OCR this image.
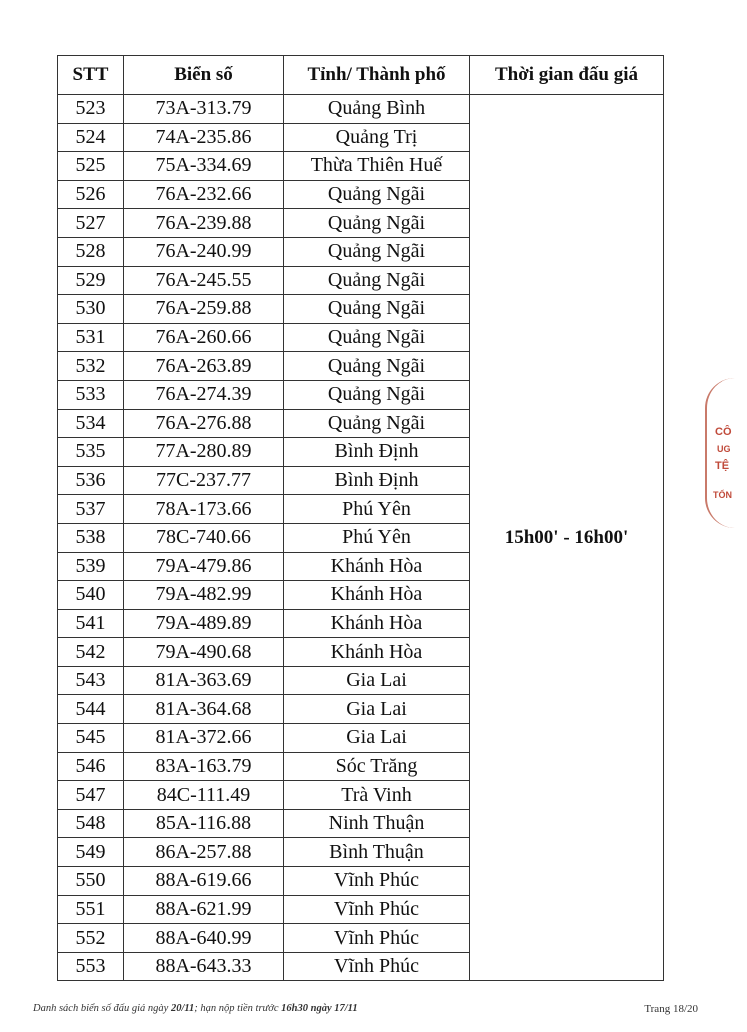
STT	Biển số	Tỉnh/ Thành phố	Thời gian đấu giá
523	73A-313.79	Quảng Bình	15h00' - 16h00'
524	74A-235.86	Quảng Trị	
525	75A-334.69	Thừa Thiên Huế	
526	76A-232.66	Quảng Ngãi	
527	76A-239.88	Quảng Ngãi	
528	76A-240.99	Quảng Ngãi	
529	76A-245.55	Quảng Ngãi	
530	76A-259.88	Quảng Ngãi	
531	76A-260.66	Quảng Ngãi	
532	76A-263.89	Quảng Ngãi	
533	76A-274.39	Quảng Ngãi	
534	76A-276.88	Quảng Ngãi	
535	77A-280.89	Bình Định	
536	77C-237.77	Bình Định	
537	78A-173.66	Phú Yên	
538	78C-740.66	Phú Yên	
539	79A-479.86	Khánh Hòa	
540	79A-482.99	Khánh Hòa	
541	79A-489.89	Khánh Hòa	
542	79A-490.68	Khánh Hòa	
543	81A-363.69	Gia Lai	
544	81A-364.68	Gia Lai	
545	81A-372.66	Gia Lai	
546	83A-163.79	Sóc Trăng	
547	84C-111.49	Trà Vinh	
548	85A-116.88	Ninh Thuận	
549	86A-257.88	Bình Thuận	
550	88A-619.66	Vĩnh Phúc	
551	88A-621.99	Vĩnh Phúc	
552	88A-640.99	Vĩnh Phúc	
553	88A-643.33	Vĩnh Phúc	
CÔ
UG
TỆ
TỔN
Danh sách biển số đấu giá ngày 20/11; hạn nộp tiền trước 16h30 ngày 17/11	Trang 18/20
